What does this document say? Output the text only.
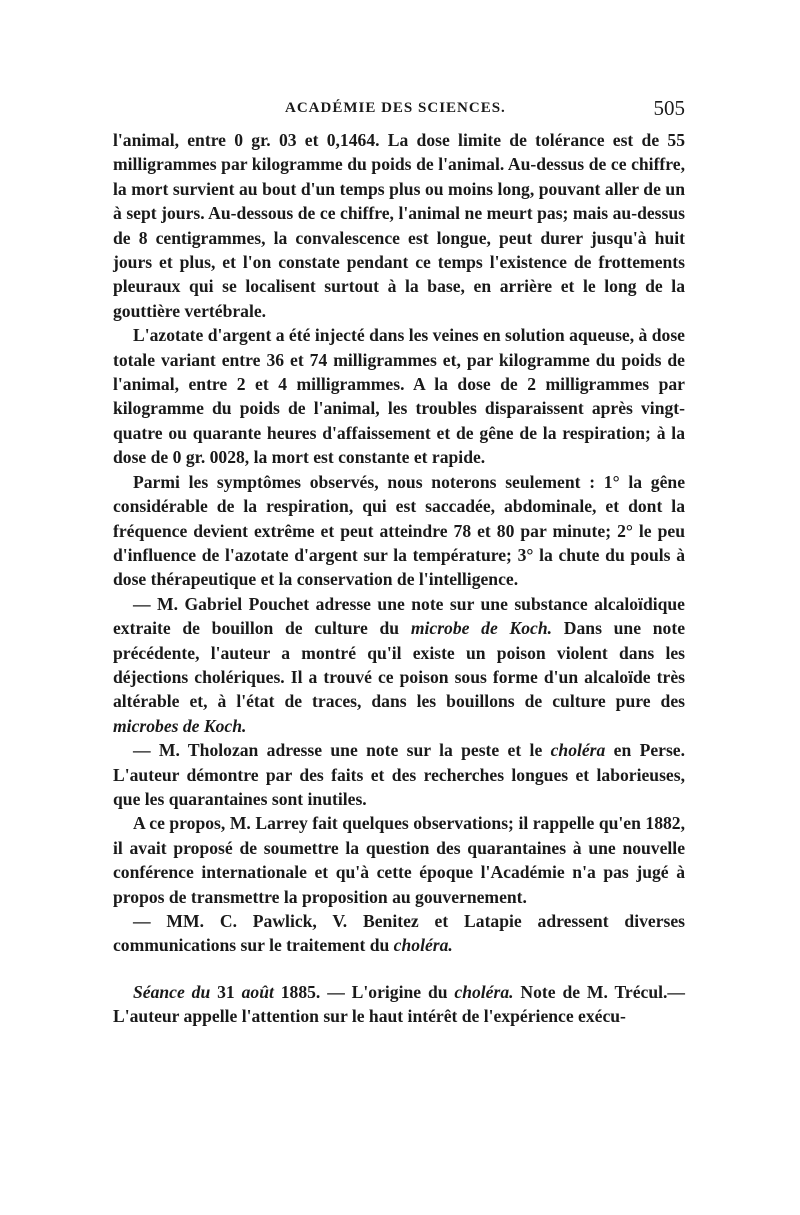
ACADÉMIE DES SCIENCES.	505

l'animal, entre 0 gr. 03 et 0,1464. La dose limite de tolérance est de 55 milligrammes par kilogramme du poids de l'animal. Au-dessus de ce chiffre, la mort survient au bout d'un temps plus ou moins long, pouvant aller de un à sept jours. Au-dessous de ce chiffre, l'animal ne meurt pas; mais au-dessus de 8 centigrammes, la convalescence est longue, peut durer jusqu'à huit jours et plus, et l'on constate pendant ce temps l'existence de frottements pleuraux qui se localisent surtout à la base, en arrière et le long de la gouttière vertébrale.

L'azotate d'argent a été injecté dans les veines en solution aqueuse, à dose totale variant entre 36 et 74 milligrammes et, par kilogramme du poids de l'animal, entre 2 et 4 milligrammes. A la dose de 2 milligrammes par kilogramme du poids de l'animal, les troubles disparaissent après vingt-quatre ou quarante heures d'affaissement et de gêne de la respiration; à la dose de 0 gr. 0028, la mort est constante et rapide.

Parmi les symptômes observés, nous noterons seulement : 1° la gêne considérable de la respiration, qui est saccadée, abdominale, et dont la fréquence devient extrême et peut atteindre 78 et 80 par minute; 2° le peu d'influence de l'azotate d'argent sur la température; 3° la chute du pouls à dose thérapeutique et la conservation de l'intelligence.

— M. Gabriel Pouchet adresse une note sur une substance alcaloïdique extraite de bouillon de culture du microbe de Koch. Dans une note précédente, l'auteur a montré qu'il existe un poison violent dans les déjections cholériques. Il a trouvé ce poison sous forme d'un alcaloïde très altérable et, à l'état de traces, dans les bouillons de culture pure des microbes de Koch.

— M. Tholozan adresse une note sur la peste et le choléra en Perse. L'auteur démontre par des faits et des recherches longues et laborieuses, que les quarantaines sont inutiles.

A ce propos, M. Larrey fait quelques observations; il rappelle qu'en 1882, il avait proposé de soumettre la question des quarantaines à une nouvelle conférence internationale et qu'à cette époque l'Académie n'a pas jugé à propos de transmettre la proposition au gouvernement.

— MM. C. Pawlick, V. Benitez et Latapie adressent diverses communications sur le traitement du choléra.

Séance du 31 août 1885. — L'origine du choléra. Note de M. Trécul.— L'auteur appelle l'attention sur le haut intérêt de l'expérience exécu-
